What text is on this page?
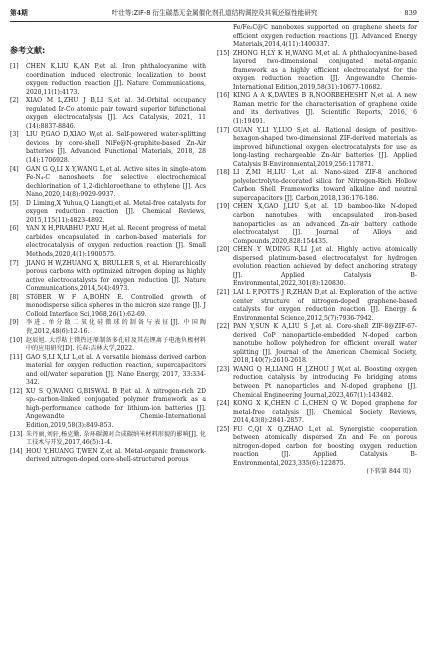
第4期	叶壮等:ZIF-8 衍生碳基无金属催化剂孔道结构调控及其氧还原性能研究	839
参考文献:
[1] CHEN K,LIU K,AN P,et al. Iron phthalocyanine with coordination induced electronic localization to boost oxygen reduction reaction [J]. Nature Communications, 2020,11(1):4173.
[2] XIAO M L,ZHU J B,LI S,et al. 3d-Orbital occupancy regulated Ir-Co atomic pair toward superior bifunctional oxygen electrocatalysis [J]. Acs Catalysis, 2021, 11 (14):8837-8846.
[3] LIU P,GAO D,XIAO W,et al. Self-powered water-splitting devices by core-shell NiFe@N-graphite-based Zn-Air batteries [J]. Advanced Functional Materials, 2018, 28 (14):1706928.
[4] GAN G Q,LI X Y,WANG L,et al. Active sites in single-atom Fe-N₄-C nanosheets for selective electrochemical dechlorination of 1,2-dichloroethane to ethylene [J]. Acs Nano,2020,14(8):9929-9937.
[5] D Liming,X Yuhua,Q Liangti,et al. Metal-free catalysts for oxygen reduction reaction [J]. Chemical Reviews, 2015,115(11):4823-4892.
[6] YAN X H,PRABHU P,XU H,et al. Recent progress of metal carbides encapsulated in carbon-based materials for electrocatalysis of oxygen reduction reaction [J]. Small Methods,2020,4(1):1900575.
[7] JIANG H W,ZHUANG X, BRULLER S, et al. Hierarchically porous carbons with optimized nitrogen doping as highly active electrocatalysts for oxygen reduction [J]. Nature Communications,2014,5(4):4973.
[8] STöBER W F A,BOHN E. Controlled growth of monodisperse silica spheres in the micron size range [J]. J Colloid Interface Sci,1968,26(1):62-69.
[9] 李进. 单分散二氧化硅微球的制备与表征[J]. 中国陶瓷,2012,48(6):12-16.
[10] 赵辰旭. 大浮粘土镁热还原制备多孔硅及其在锂离子电池负极材料中的应用研究[D]. 长春:吉林大学,2022.
[11] GAO S,LI X,LI L,et al. A versatile biomass derived carbon material for oxygen reduction reaction, supercapacitors and oil/water separation [J]. Nano Energy, 2017, 33:334-342.
[12] XU S Q,WANG G,BISWAL B P,et al. A nitrogen-rich 2D sp₂-carbon-linked conjugated polymer framework as a high-performance cathode for lithium-ion batteries [J]. Angewandte Chemie-International Edition,2019,58(3):849-853.
[13] 朱丹丽,刘轩,杨克勤. 杂环碳源对合成碳纳米材料形貌的影响[J]. 化工技术与开发,2017,46(5):1-4.
[14] HOU Y,HUANG T,WEN Z,et al. Metal-organic framework-derived nitrogen-doped core-shell-structured porous
Fe/Fe₃C@C nanoboxes supported on graphene sheets for efficient oxygen reduction reactions [J]. Advanced Energy Materials,2014,4(11):1400337.
[15] ZHONG H,LY K H,WANG M,et al. A phthalocyanine-based layered two-dimensional conjugated metal-organic framework as a highly efficient electrocatalyst for the oxygen reduction reaction [J]. Angewandte Chemie-International Edition,2019,58(31):10677-10682.
[16] KING A A K,DAVIES B R,NOORBEHESHT N,et al. A new Raman metric for the characterisation of graphene oxide and its derivatives [J]. Scientific Reports, 2016, 6 (1):19491.
[17] GUAN Y,LI Y,LUO S,et al. Rational design of positive-hexagon-shaped two-dimensional ZIF-derived materials as improved bifunctional oxygen electrocatalysts for use as long-lasting rechargeable Zn-Air batteries [J]. Applied Catalysis B-Environmental,2019,256:117871.
[18] LI Z,MI H,LIU L,et al. Nano-sized ZIF-8 anchored polyelectrolyte-decorated silica for Nitrogen-Rich Hollow Carbon Shell Frameworks toward alkaline and neutral supercapacitors [J]. Carbon,2018,136:176-186.
[19] CHEN X,GAO J,LIU S,et al. 1D bamboo-like N-doped carbon nanotubes with encapsulated iron-based nanoparticles as an advanced Zn-air battery cathode electrocatalyst [J]. Journal of Alloys and Compounds,2020,828:154435.
[20] CHEN Y W,DING R,LI J,et al. Highly active atomically dispersed platinum-based electrocatalyst for hydrogen evolution reaction achieved by defect anchoring strategy [J]. Applied Catalysis B-Environmental,2022,301(8):120830.
[21] LAI L F,POTTS J R,ZHAN D,et al. Exploration of the active center structure of nitrogen-doped graphene-based catalysts for oxygen reduction reaction [J]. Energy & Environmental Science,2012,5(7):7936-7942.
[22] PAN Y,SUN K A,LIU S J,et al. Core-shell ZIF-8@ZIF-67-derived CoP nanoparticle-embedded N-doped carbon nanotube hollow polyhedron for efficient overall water splitting [J]. Journal of the American Chemical Society, 2018,140(7):2610-2618.
[23] WANG Q H,LIANG H J,ZHOU J W,et al. Boosting oxygen reduction catalysis by introducing Fe bridging atoms between Pt nanoparticles and N-doped graphene [J]. Chemical Engineering Journal,2023,467(1):143482.
[24] KONG X K,CHEN C L,CHEN Q W. Doped graphene for metal-free catalysis [J]. Chemical Society Reviews, 2014,43(8):2841-2857.
[25] FU C,QI X Q,ZHAO L,et al. Synergistic cooperation between atomically dispersed Zn and Fe on porous nitrogen-doped carbon for boosting oxygen reduction reaction [J]. Applied Catalysis B-Environmental,2023,335(6):122875.
(下转第 844 页)
